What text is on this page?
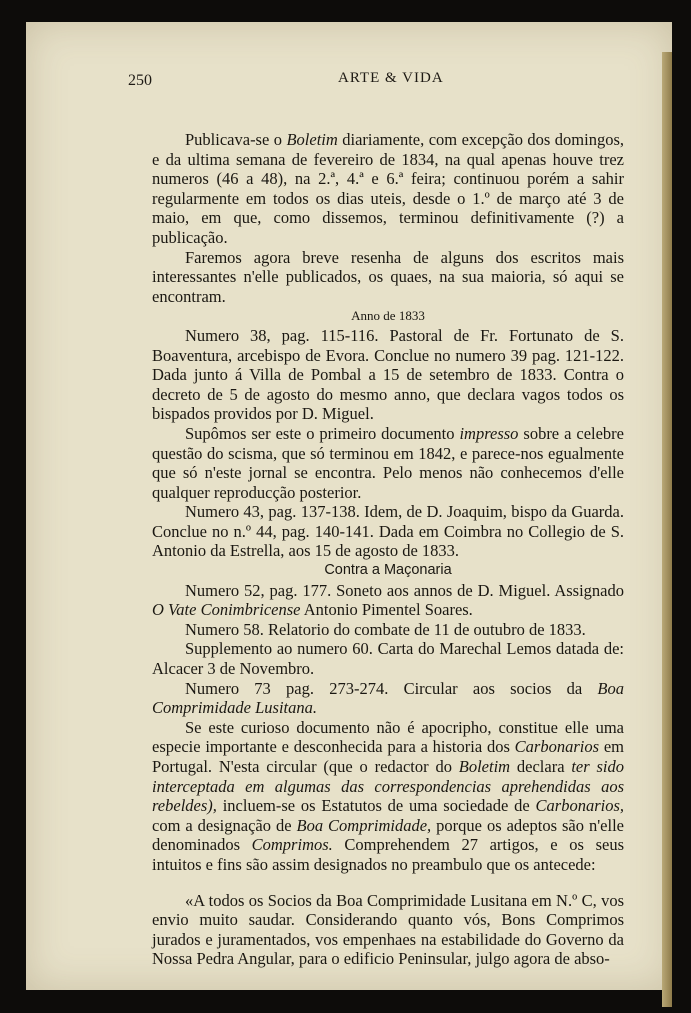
250	ARTE & VIDA

Publicava-se o Boletim diariamente, com excepção dos domingos, e da ultima semana de fevereiro de 1834, na qual apenas houve trez numeros (46 a 48), na 2.ª, 4.ª e 6.ª feira; continuou porém a sahir regularmente em todos os dias uteis, desde o 1.º de março até 3 de maio, em que, como dissemos, terminou definitivamente (?) a publicação.

Faremos agora breve resenha de alguns dos escritos mais interessantes n'elle publicados, os quaes, na sua maioria, só aqui se encontram.

Anno de 1833

Numero 38, pag. 115-116. Pastoral de Fr. Fortunato de S. Boaventura, arcebispo de Evora. Conclue no numero 39 pag. 121-122. Dada junto á Villa de Pombal a 15 de setembro de 1833. Contra o decreto de 5 de agosto do mesmo anno, que declara vagos todos os bispados providos por D. Miguel.

Supômos ser este o primeiro documento impresso sobre a celebre questão do scisma, que só terminou em 1842, e parece-nos egualmente que só n'este jornal se encontra. Pelo menos não conhecemos d'elle qualquer reproducção posterior.

Numero 43, pag. 137-138. Idem, de D. Joaquim, bispo da Guarda. Conclue no n.º 44, pag. 140-141. Dada em Coimbra no Collegio de S. Antonio da Estrella, aos 15 de agosto de 1833.

Contra a Maçonaria

Numero 52, pag. 177. Soneto aos annos de D. Miguel. Assignado O Vate Conimbricense Antonio Pimentel Soares.

Numero 58. Relatorio do combate de 11 de outubro de 1833.

Supplemento ao numero 60. Carta do Marechal Lemos datada de: Alcacer 3 de Novembro.

Numero 73 pag. 273-274. Circular aos socios da Boa Comprimidade Lusitana.

Se este curioso documento não é apocripho, constitue elle uma especie importante e desconhecida para a historia dos Carbonarios em Portugal. N'esta circular (que o redactor do Boletim declara ter sido interceptada em algumas das correspondencias aprehendidas aos rebeldes), incluem-se os Estatutos de uma sociedade de Carbonarios, com a designação de Boa Comprimidade, porque os adeptos são n'elle denominados Comprimos. Comprehendem 27 artigos, e os seus intuitos e fins são assim designados no preambulo que os antecede:

«A todos os Socios da Boa Comprimidade Lusitana em N.º C, vos envio muito saudar. Considerando quanto vós, Bons Comprimos jurados e juramentados, vos empenhaes na estabilidade do Governo da Nossa Pedra Angular, para o edificio Peninsular, julgo agora de abso-
